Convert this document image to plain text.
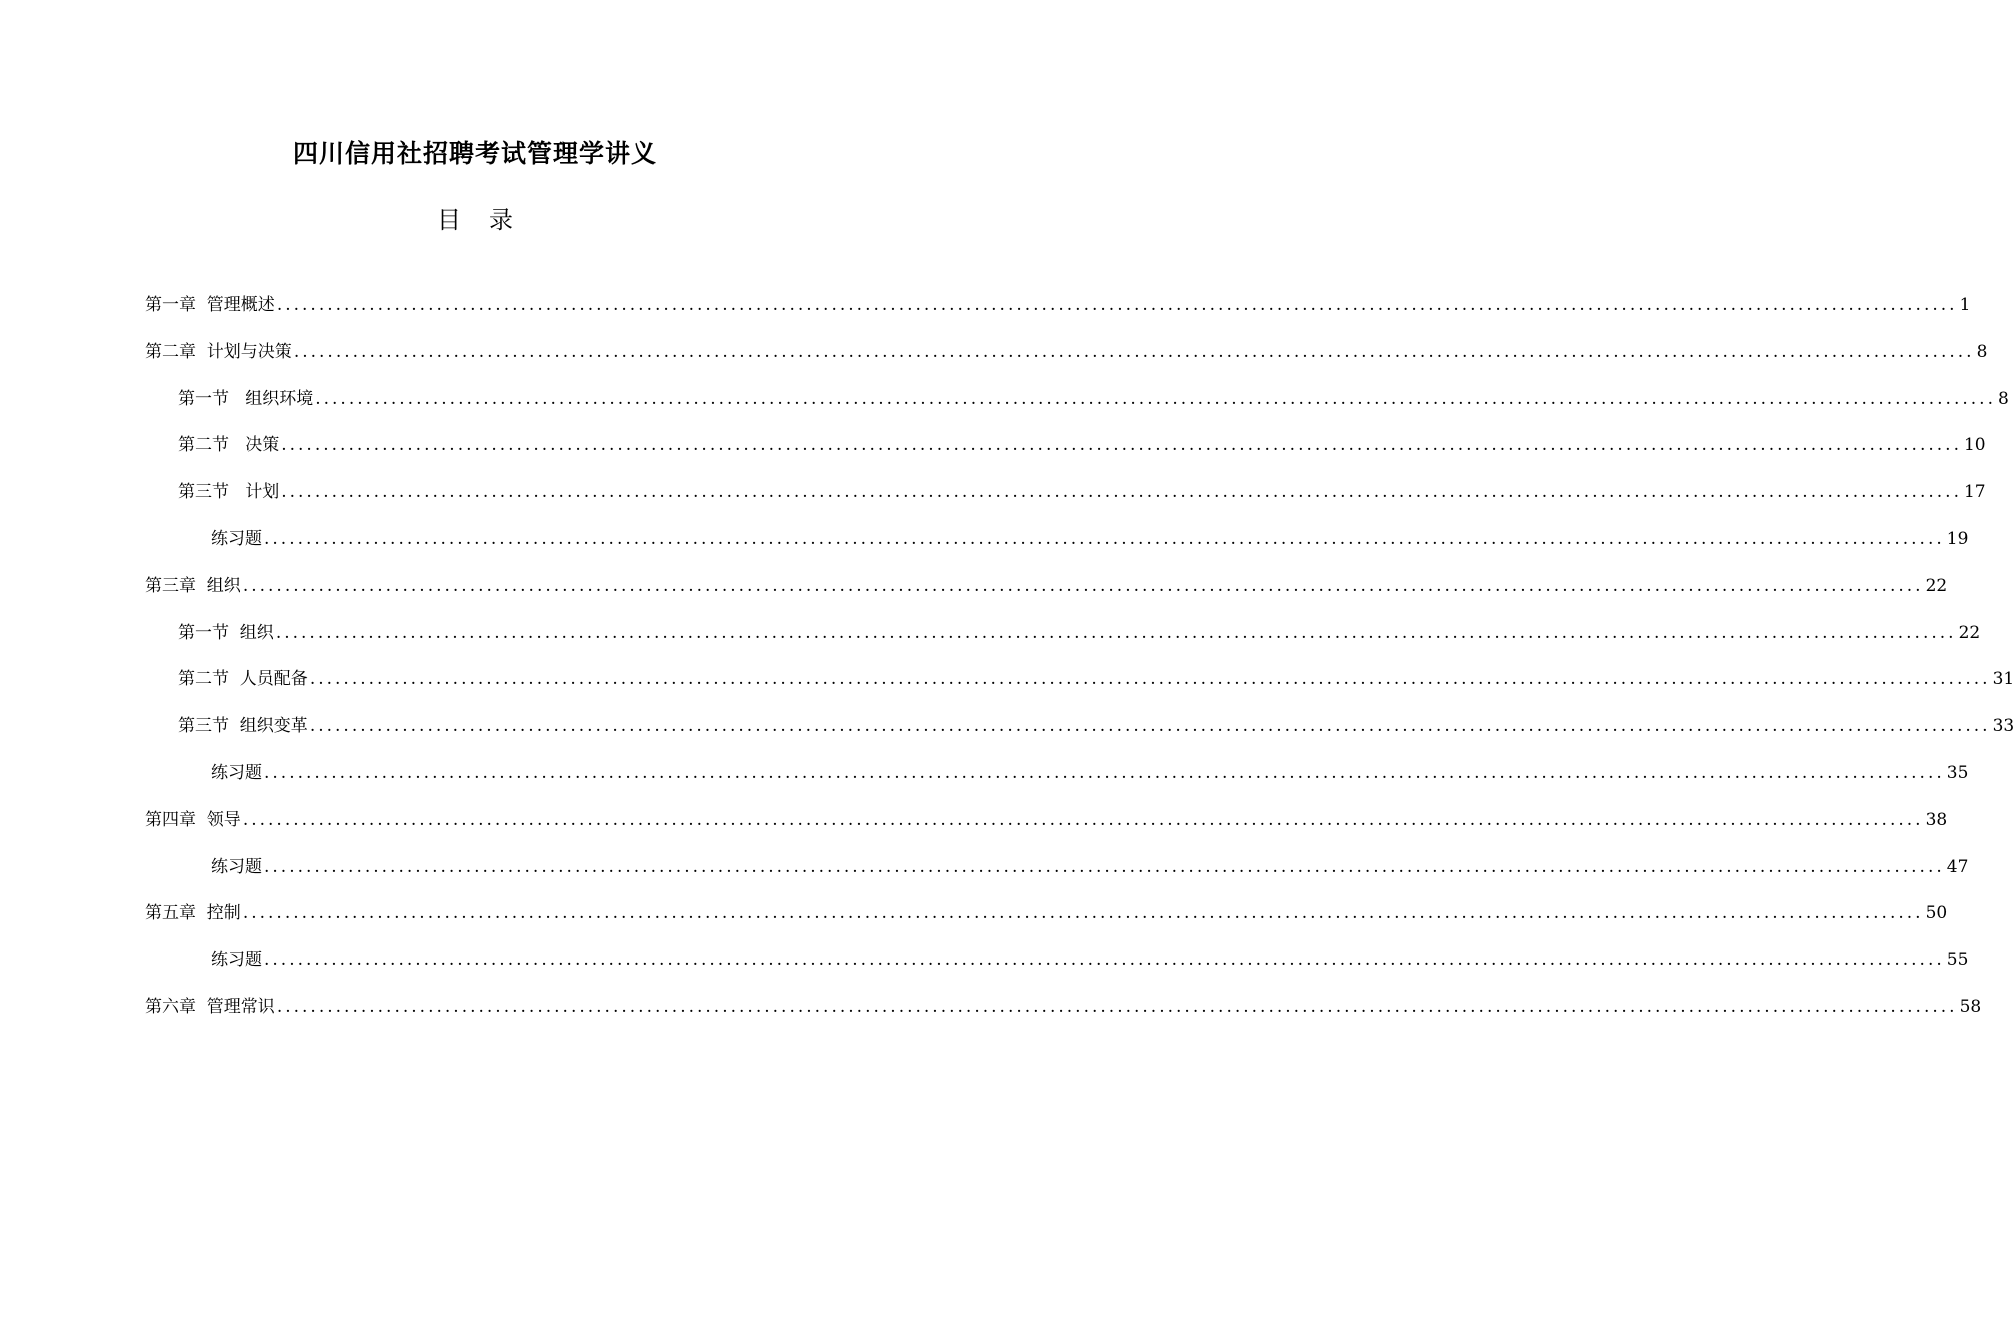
四川信用社招聘考试管理学讲义
目录
第一章  管理概述 ........................................................................................................................................................................................................ 1
第二章  计划与决策 ........................................................................................................................................................................................................ 8
第一节   组织环境 ........................................................................................................................................................................................................ 8
第二节   决策 ........................................................................................................................................................................................................ 10
第三节   计划 ........................................................................................................................................................................................................ 17
练习题 ........................................................................................................................................................................................................ 19
第三章  组织 ........................................................................................................................................................................................................ 22
第一节  组织 ........................................................................................................................................................................................................ 22
第二节  人员配备 ........................................................................................................................................................................................................ 31
第三节  组织变革 ........................................................................................................................................................................................................ 33
练习题 ........................................................................................................................................................................................................ 35
第四章  领导 ........................................................................................................................................................................................................ 38
练习题 ........................................................................................................................................................................................................ 47
第五章  控制 ........................................................................................................................................................................................................ 50
练习题 ........................................................................................................................................................................................................ 55
第六章  管理常识 ........................................................................................................................................................................................................ 58
